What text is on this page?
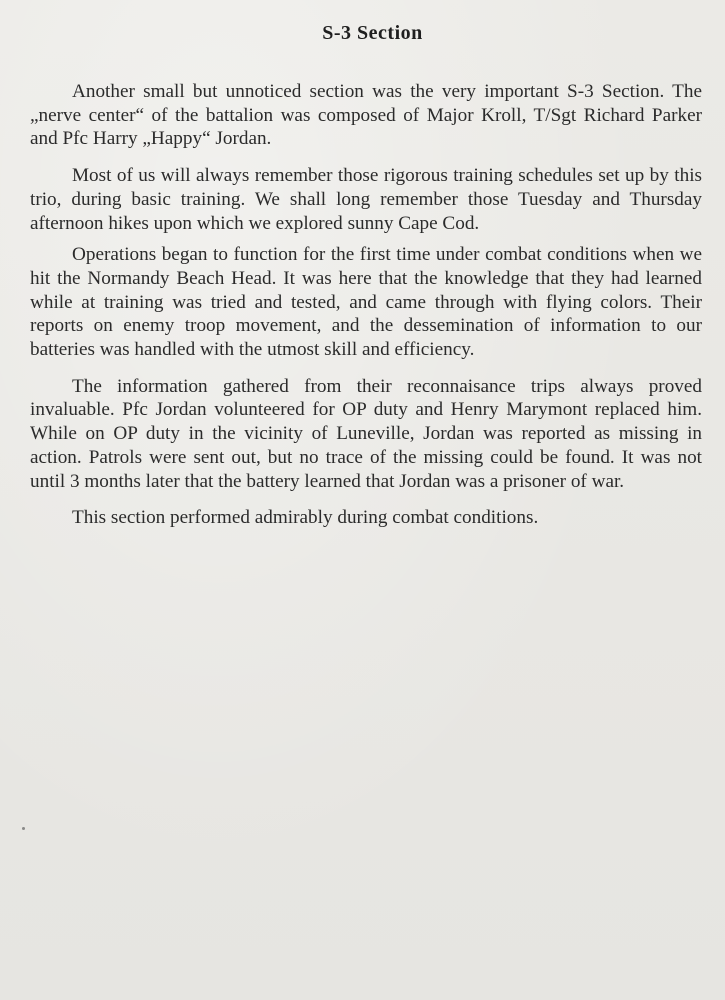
S-3 Section

Another small but unnoticed section was the very important S-3 Section. The „nerve center“ of the battalion was composed of Major Kroll, T/Sgt Richard Parker and Pfc Harry „Happy“ Jordan.

Most of us will always remember those rigorous training schedules set up by this trio, during basic training. We shall long remember those Tuesday and Thursday afternoon hikes upon which we explored sunny Cape Cod.

Operations began to function for the first time under combat conditions when we hit the Normandy Beach Head. It was here that the knowledge that they had learned while at training was tried and tested, and came through with flying colors. Their reports on enemy troop movement, and the dessemination of information to our batteries was handled with the utmost skill and efficiency.

The information gathered from their reconnaisance trips always proved invaluable. Pfc Jordan volunteered for OP duty and Henry Marymont replaced him. While on OP duty in the vicinity of Luneville, Jordan was reported as missing in action. Patrols were sent out, but no trace of the missing could be found. It was not until 3 months later that the battery learned that Jordan was a prisoner of war.

This section performed admirably during combat conditions.
